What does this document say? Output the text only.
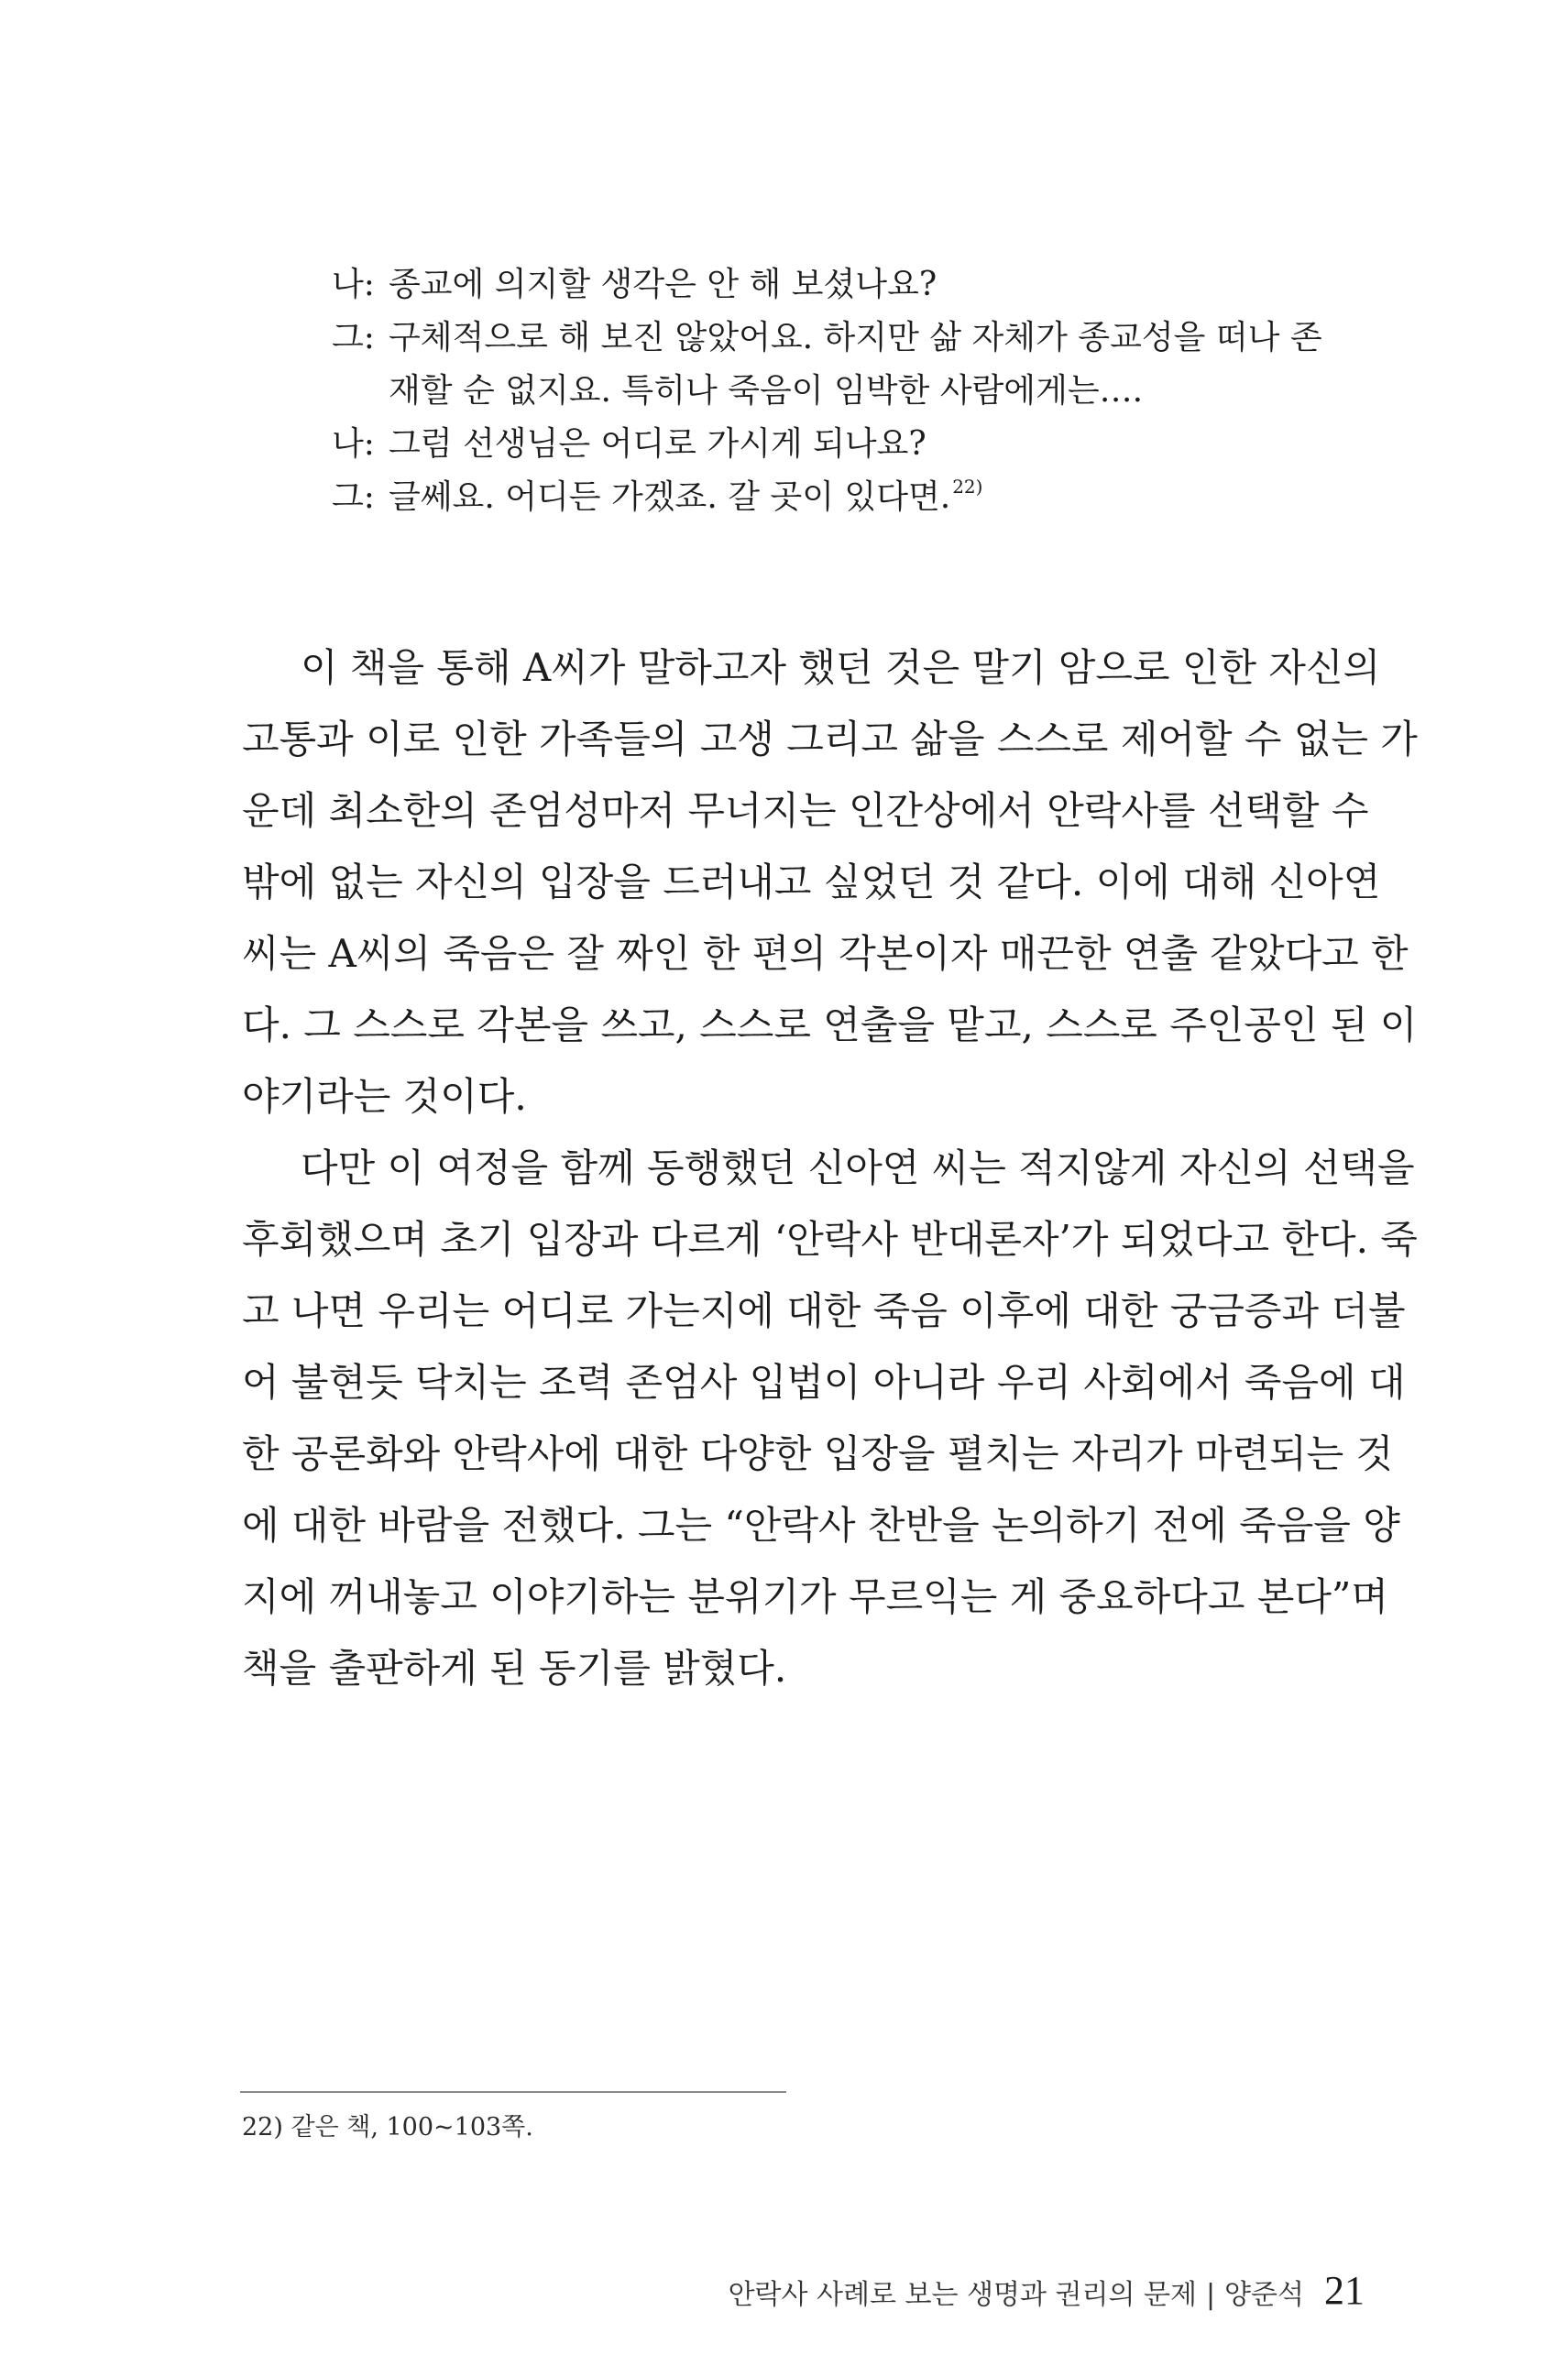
나: 종교에 의지할 생각은 안 해 보셨나요?
그: 구체적으로 해 보진 않았어요. 하지만 삶 자체가 종교성을 떠나 존
재할 순 없지요. 특히나 죽음이 임박한 사람에게는….
나: 그럼 선생님은 어디로 가시게 되나요?
그: 글쎄요. 어디든 가겠죠. 갈 곳이 있다면. $^{22)}$
이 책을 통해 A씨가 말하고자 했던 것은 말기 암으로 인한 자신의
고통과 이로 인한 가족들의 고생 그리고 삶을 스스로 제어할 수 없는 가
운데 최소한의 존엄성마저 무너지는 인간상에서 안락사를 선택할 수
밖에 없는 자신의 입장을 드러내고 싶었던 것 같다. 이에 대해 신아연
씨는 A씨의 죽음은 잘 짜인 한 편의 각본이자 매끈한 연출 같았다고 한
다. 그 스스로 각본을 쓰고, 스스로 연출을 맡고, 스스로 주인공인 된 이
야기라는 것이다.
다만 이 여정을 함께 동행했던 신아연 씨는 적지않게 자신의 선택을
후회했으며 초기 입장과 다르게 ‘안락사 반대론자’가 되었다고 한다. 죽
고 나면 우리는 어디로 가는지에 대한 죽음 이후에 대한 궁금증과 더불
어 불현듯 닥치는 조력 존엄사 입법이 아니라 우리 사회에서 죽음에 대
한 공론화와 안락사에 대한 다양한 입장을 펼치는 자리가 마련되는 것
에 대한 바람을 전했다. 그는 “안락사 찬반을 논의하기 전에 죽음을 양
지에 꺼내놓고 이야기하는 분위기가 무르익는 게 중요하다고 본다”며
책을 출판하게 된 동기를 밝혔다.
22) 같은 책, 100~103쪽.
안락사 사례로 보는 생명과 권리의 문제 | 양준석 21
